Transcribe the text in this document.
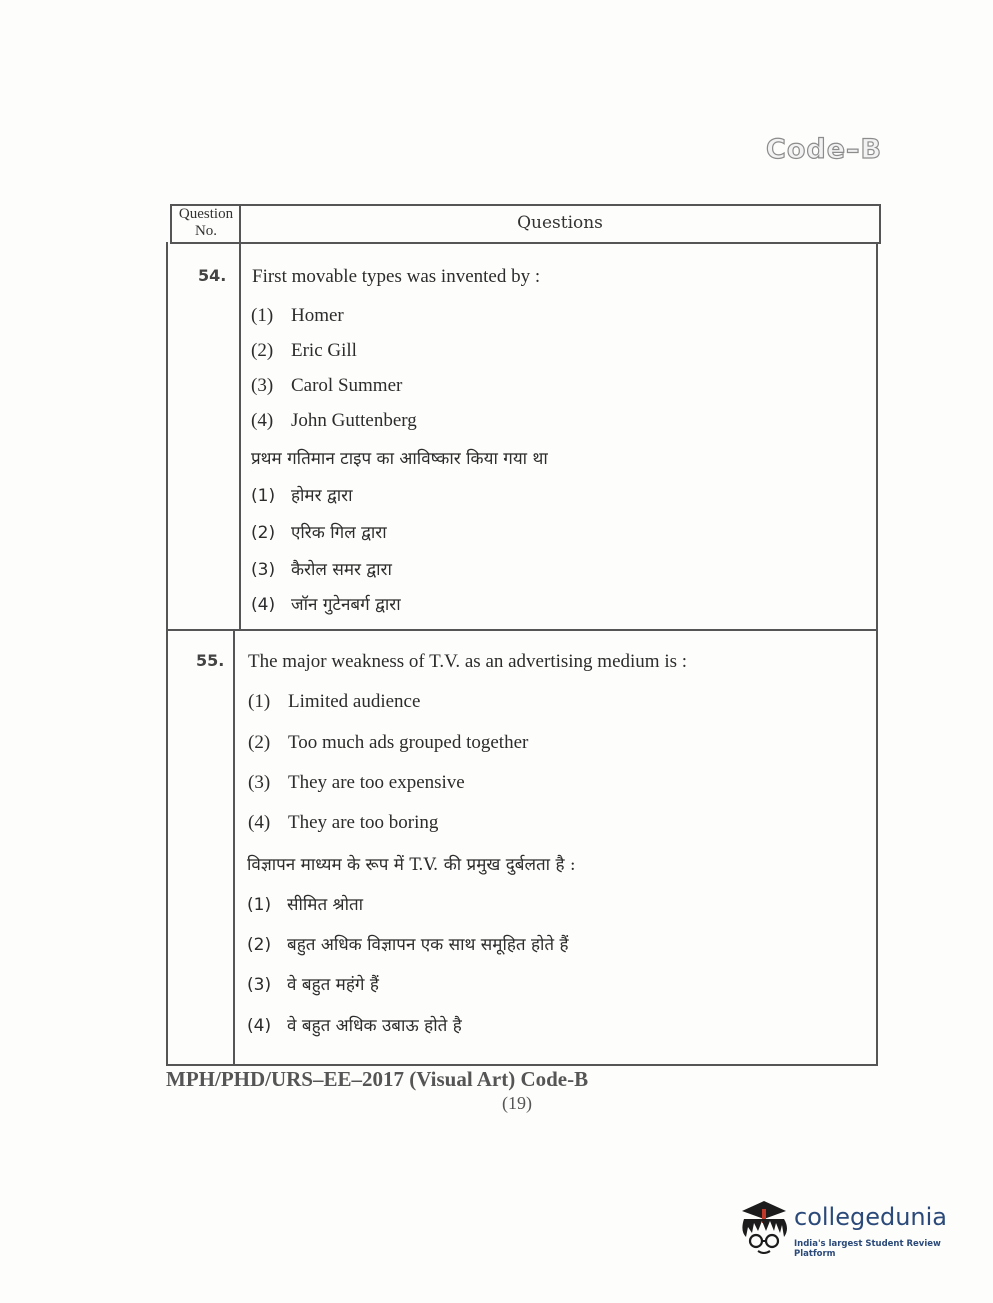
Code–B
Question
No.	Questions
54. First movable types was invented by :
(1) Homer
(2) Eric Gill
(3) Carol Summer
(4) John Guttenberg
प्रथम गतिमान टाइप का आविष्कार किया गया था
(1) होमर द्वारा
(2) एरिक गिल द्वारा
(3) कैरोल समर द्वारा
(4) जॉन गुटेनबर्ग द्वारा
55. The major weakness of T.V. as an advertising medium is :
(1) Limited audience
(2) Too much ads grouped together
(3) They are too expensive
(4) They are too boring
विज्ञापन माध्यम के रूप में T.V. की प्रमुख दुर्बलता है :
(1) सीमित श्रोता
(2) बहुत अधिक विज्ञापन एक साथ समूहित होते हैं
(3) वे बहुत महंगे हैं
(4) वे बहुत अधिक उबाऊ होते है
MPH/PHD/URS–EE–2017 (Visual Art) Code-B
(19)
collegedunia
India's largest Student Review Platform
